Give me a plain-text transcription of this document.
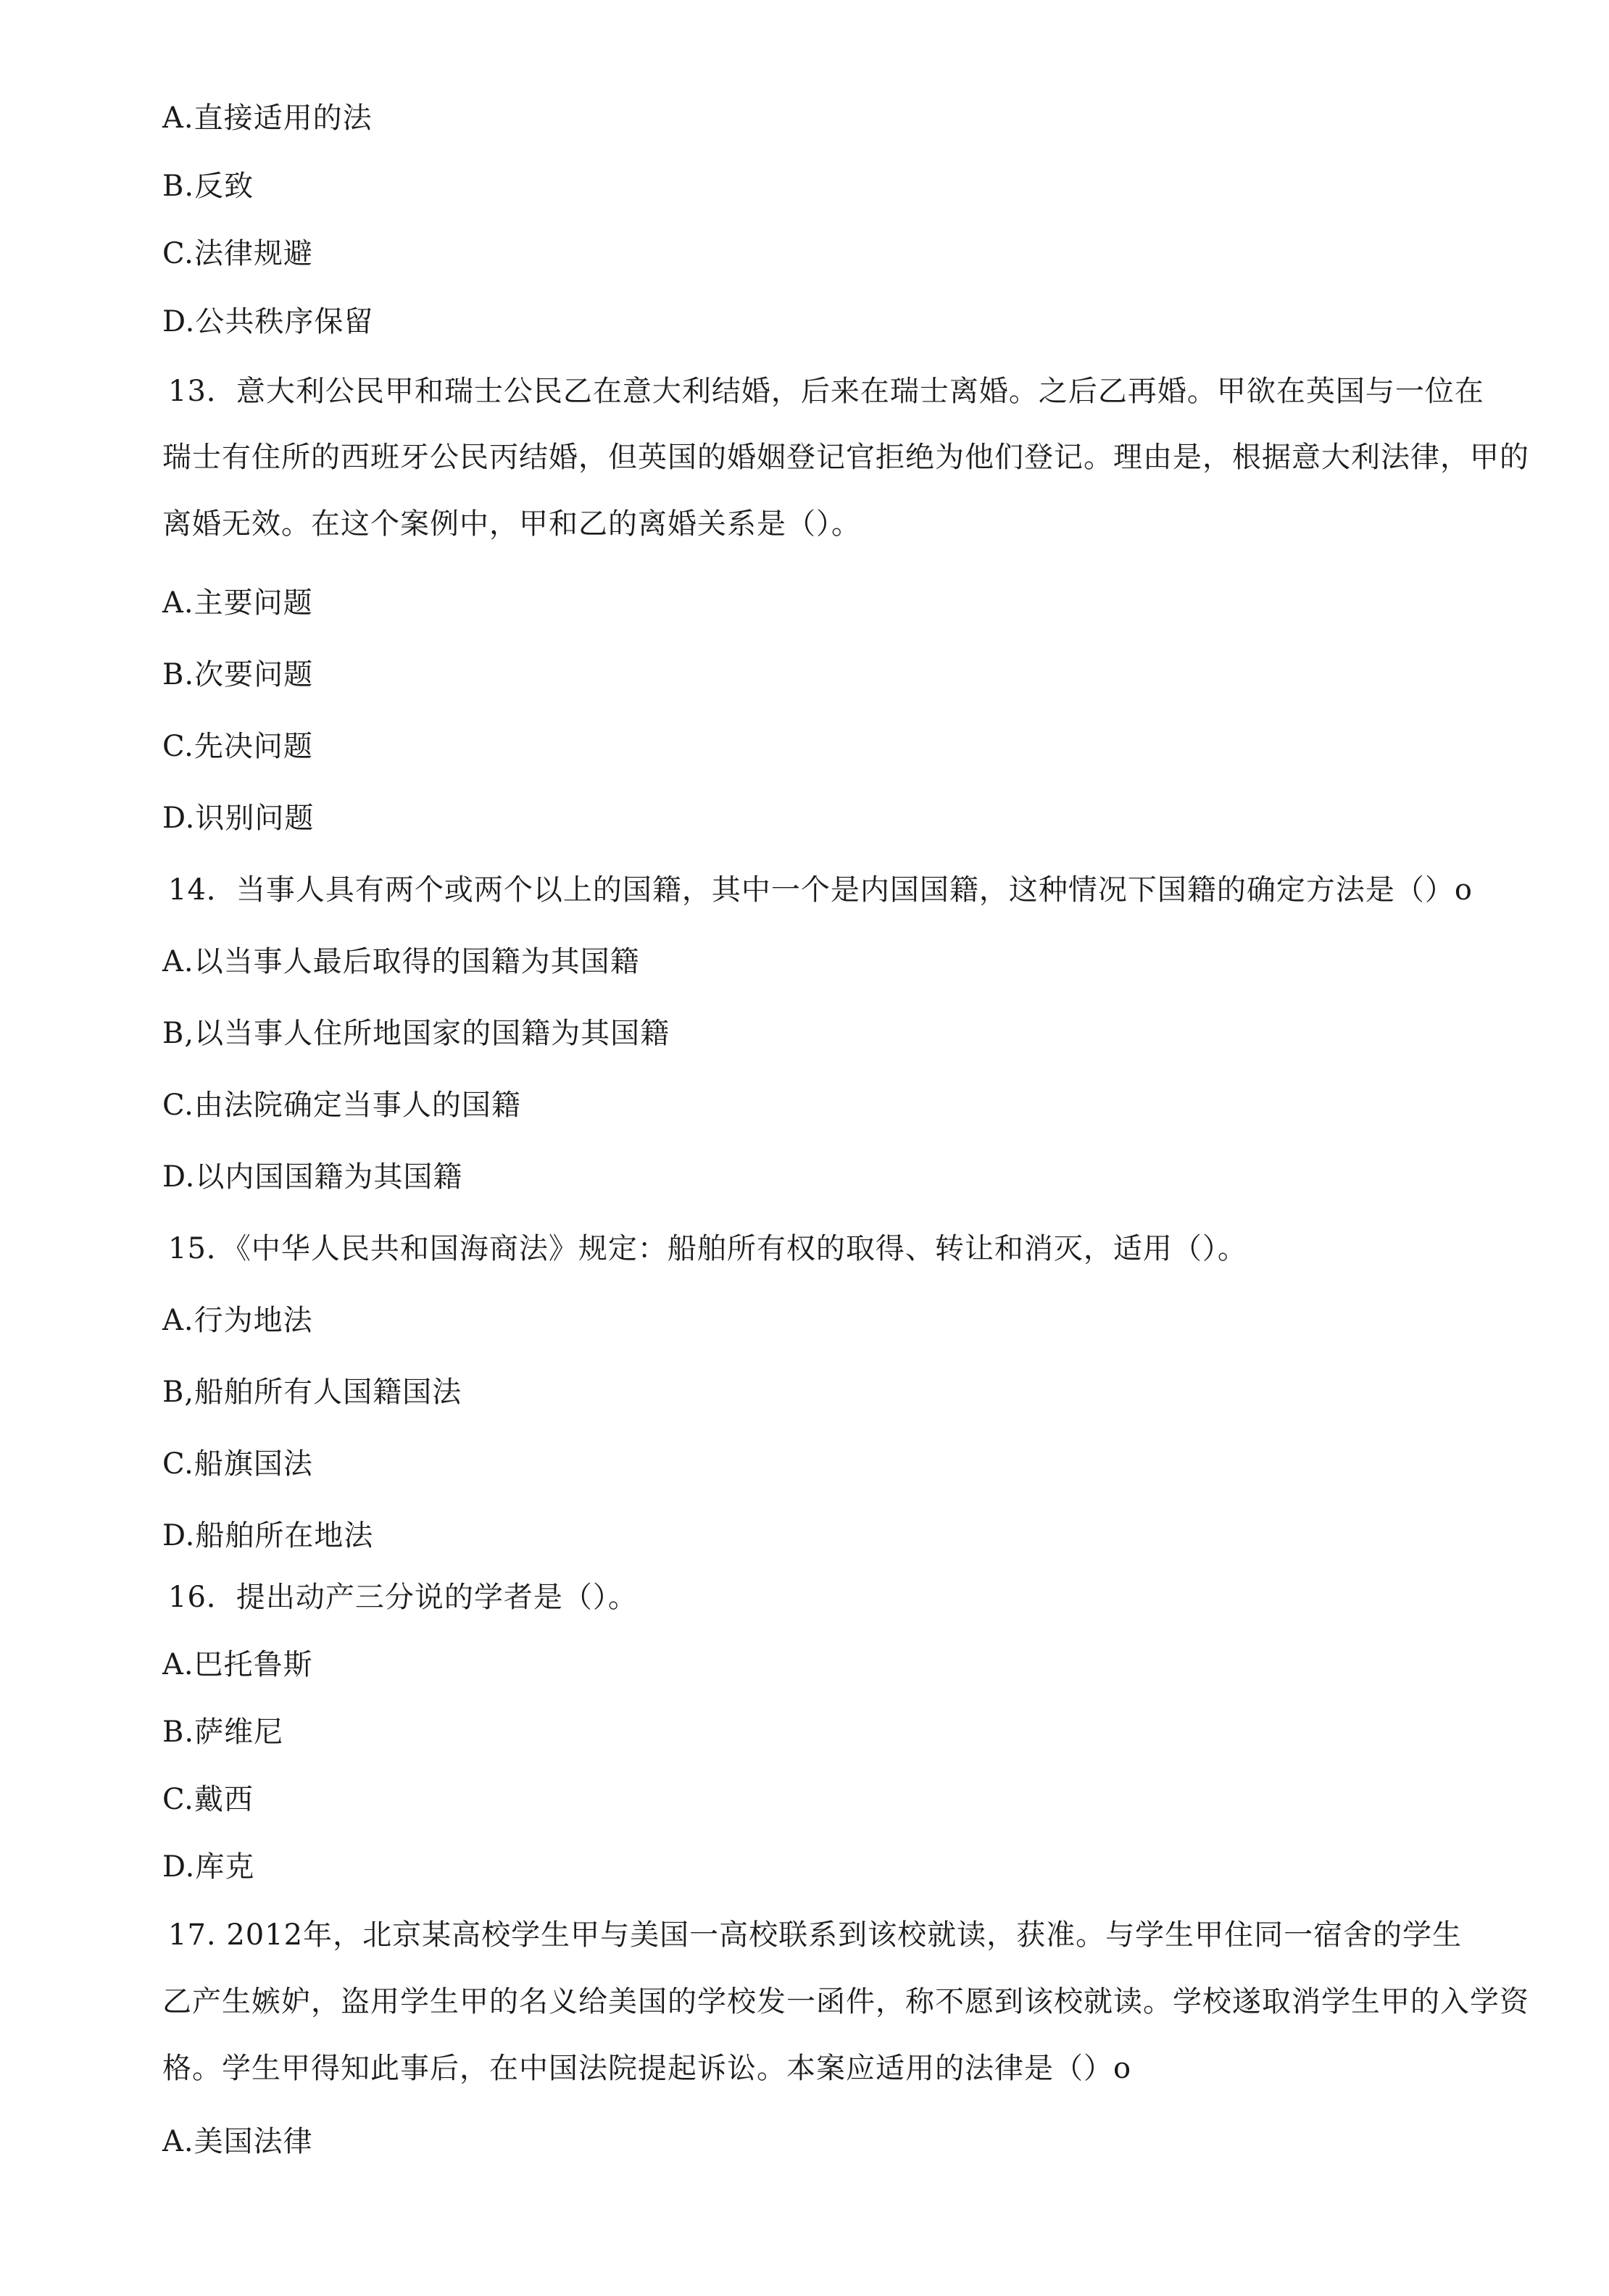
A.直接适用的法
B.反致
C.法律规避
D.公共秩序保留
13．意大利公民甲和瑞士公民乙在意大利结婚，后来在瑞士离婚。之后乙再婚。甲欲在英国与一位在
瑞士有住所的西班牙公民丙结婚，但英国的婚姻登记官拒绝为他们登记。理由是，根据意大利法律，甲的
离婚无效。在这个案例中，甲和乙的离婚关系是（）。
A.主要问题
B.次要问题
C.先决问题
D.识别问题
14．当事人具有两个或两个以上的国籍，其中一个是内国国籍，这种情况下国籍的确定方法是（）o
A.以当事人最后取得的国籍为其国籍
B,以当事人住所地国家的国籍为其国籍
C.由法院确定当事人的国籍
D.以内国国籍为其国籍
15．《中华人民共和国海商法》规定：船舶所有权的取得、转让和消灭，适用（）。
A.行为地法
B,船舶所有人国籍国法
C.船旗国法
D.船舶所在地法
16．提出动产三分说的学者是（）。
A.巴托鲁斯
B.萨维尼
C.戴西
D.库克
17. 2012年，北京某高校学生甲与美国一高校联系到该校就读，获准。与学生甲住同一宿舍的学生
乙产生嫉妒，盗用学生甲的名义给美国的学校发一函件，称不愿到该校就读。学校遂取消学生甲的入学资
格。学生甲得知此事后，在中国法院提起诉讼。本案应适用的法律是（）o
A.美国法律
